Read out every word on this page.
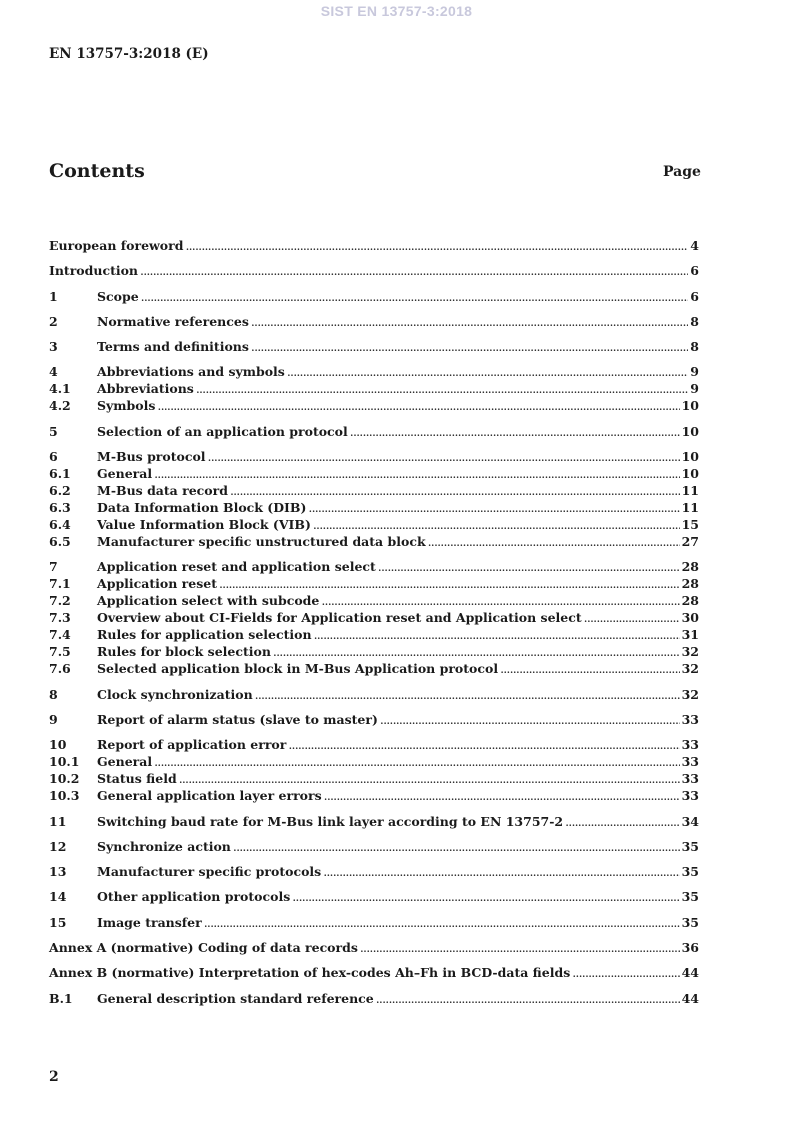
SIST EN 13757-3:2018
EN 13757-3:2018 (E)
Contents	Page
European foreword .....	4
Introduction .....	6
1	Scope .....	6
2	Normative references .....	8
3	Terms and definitions .....	8
4	Abbreviations and symbols .....	9
4.1	Abbreviations .....	9
4.2	Symbols .....	10
5	Selection of an application protocol .....	10
6	M-Bus protocol .....	10
6.1	General .....	10
6.2	M-Bus data record .....	11
6.3	Data Information Block (DIB) .....	11
6.4	Value Information Block (VIB) .....	15
6.5	Manufacturer specific unstructured data block .....	27
7	Application reset and application select .....	28
7.1	Application reset .....	28
7.2	Application select with subcode .....	28
7.3	Overview about CI-Fields for Application reset and Application select .....	30
7.4	Rules for application selection .....	31
7.5	Rules for block selection .....	32
7.6	Selected application block in M-Bus Application protocol .....	32
8	Clock synchronization .....	32
9	Report of alarm status (slave to master) .....	33
10	Report of application error .....	33
10.1	General .....	33
10.2	Status field .....	33
10.3	General application layer errors .....	33
11	Switching baud rate for M-Bus link layer according to EN 13757-2 .....	34
12	Synchronize action .....	35
13	Manufacturer specific protocols .....	35
14	Other application protocols .....	35
15	Image transfer .....	35
Annex A (normative) Coding of data records .....	36
Annex B (normative) Interpretation of hex-codes Ah–Fh in BCD-data fields .....	44
B.1	General description standard reference .....	44
2
